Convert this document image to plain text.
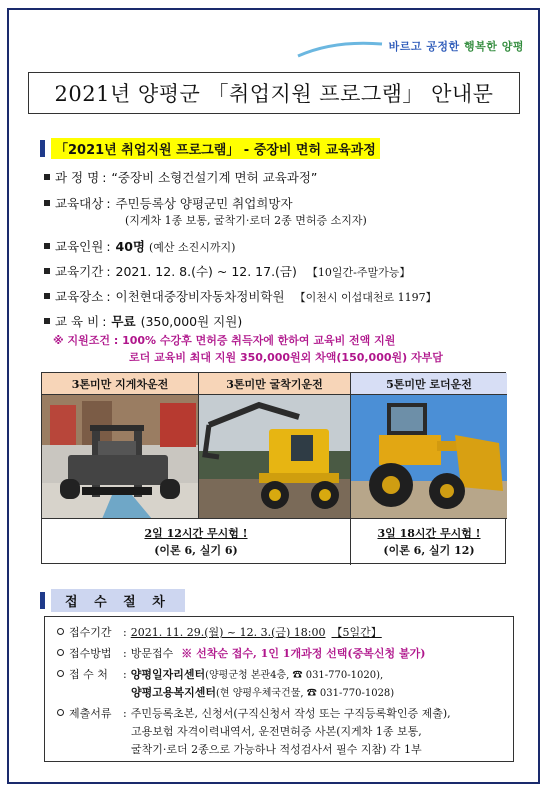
바르고 공정한 행복한 양평
2021년 양평군 「취업지원 프로그램」 안내문
「2021년 취업지원 프로그램」 - 중장비 면허 교육과정
과 정 명 : “중장비 소형건설기계 면허 교육과정”
교육대상 : 주민등록상 양평군민 취업희망자
(지게차 1종 보통, 굴착기·로더 2종 면허증 소지자)
교육인원 : 40명 (예산 소진시까지)
교육기간 : 2021. 12. 8.(수) ~ 12. 17.(금) 【10일간-주말가능】
교육장소 : 이천현대중장비자동차정비학원 【이천시 이섭대천로 1197】
교 육 비 : 무료 (350,000원 지원)
※ 지원조건 : 100% 수강후 면허증 취득자에 한하여 교육비 전액 지원
로더 교육비 최대 지원 350,000원외 차액(150,000원) 자부담
3톤미만 지게차운전	3톤미만 굴착기운전	5톤미만 로더운전
2일 12시간 무시험 !
(이론 6, 실기 6)
3일 18시간 무시험 !
(이론 6, 실기 12)
접 수 절 차
접수기간	: 2021. 11. 29.(월) ~ 12. 3.(금) 18:00 【5일간】
접수방법	: 방문접수 ※ 선착순 접수, 1인 1개과정 선택(중복신청 불가)
접 수 처	: 양평일자리센터 (양평군청 본관4층, ☎ 031-770-1020),
양평고용복지센터(현 양평우체국건물, ☎ 031-770-1028)
제출서류	: 주민등록초본, 신청서(구직신청서 작성 또는 구직등록확인증 제출),
고용보험 자격이력내역서, 운전면허증 사본(지게차 1종 보통,
굴착기·로더 2종으로 가능하나 적성검사서 필수 지참) 각 1부
